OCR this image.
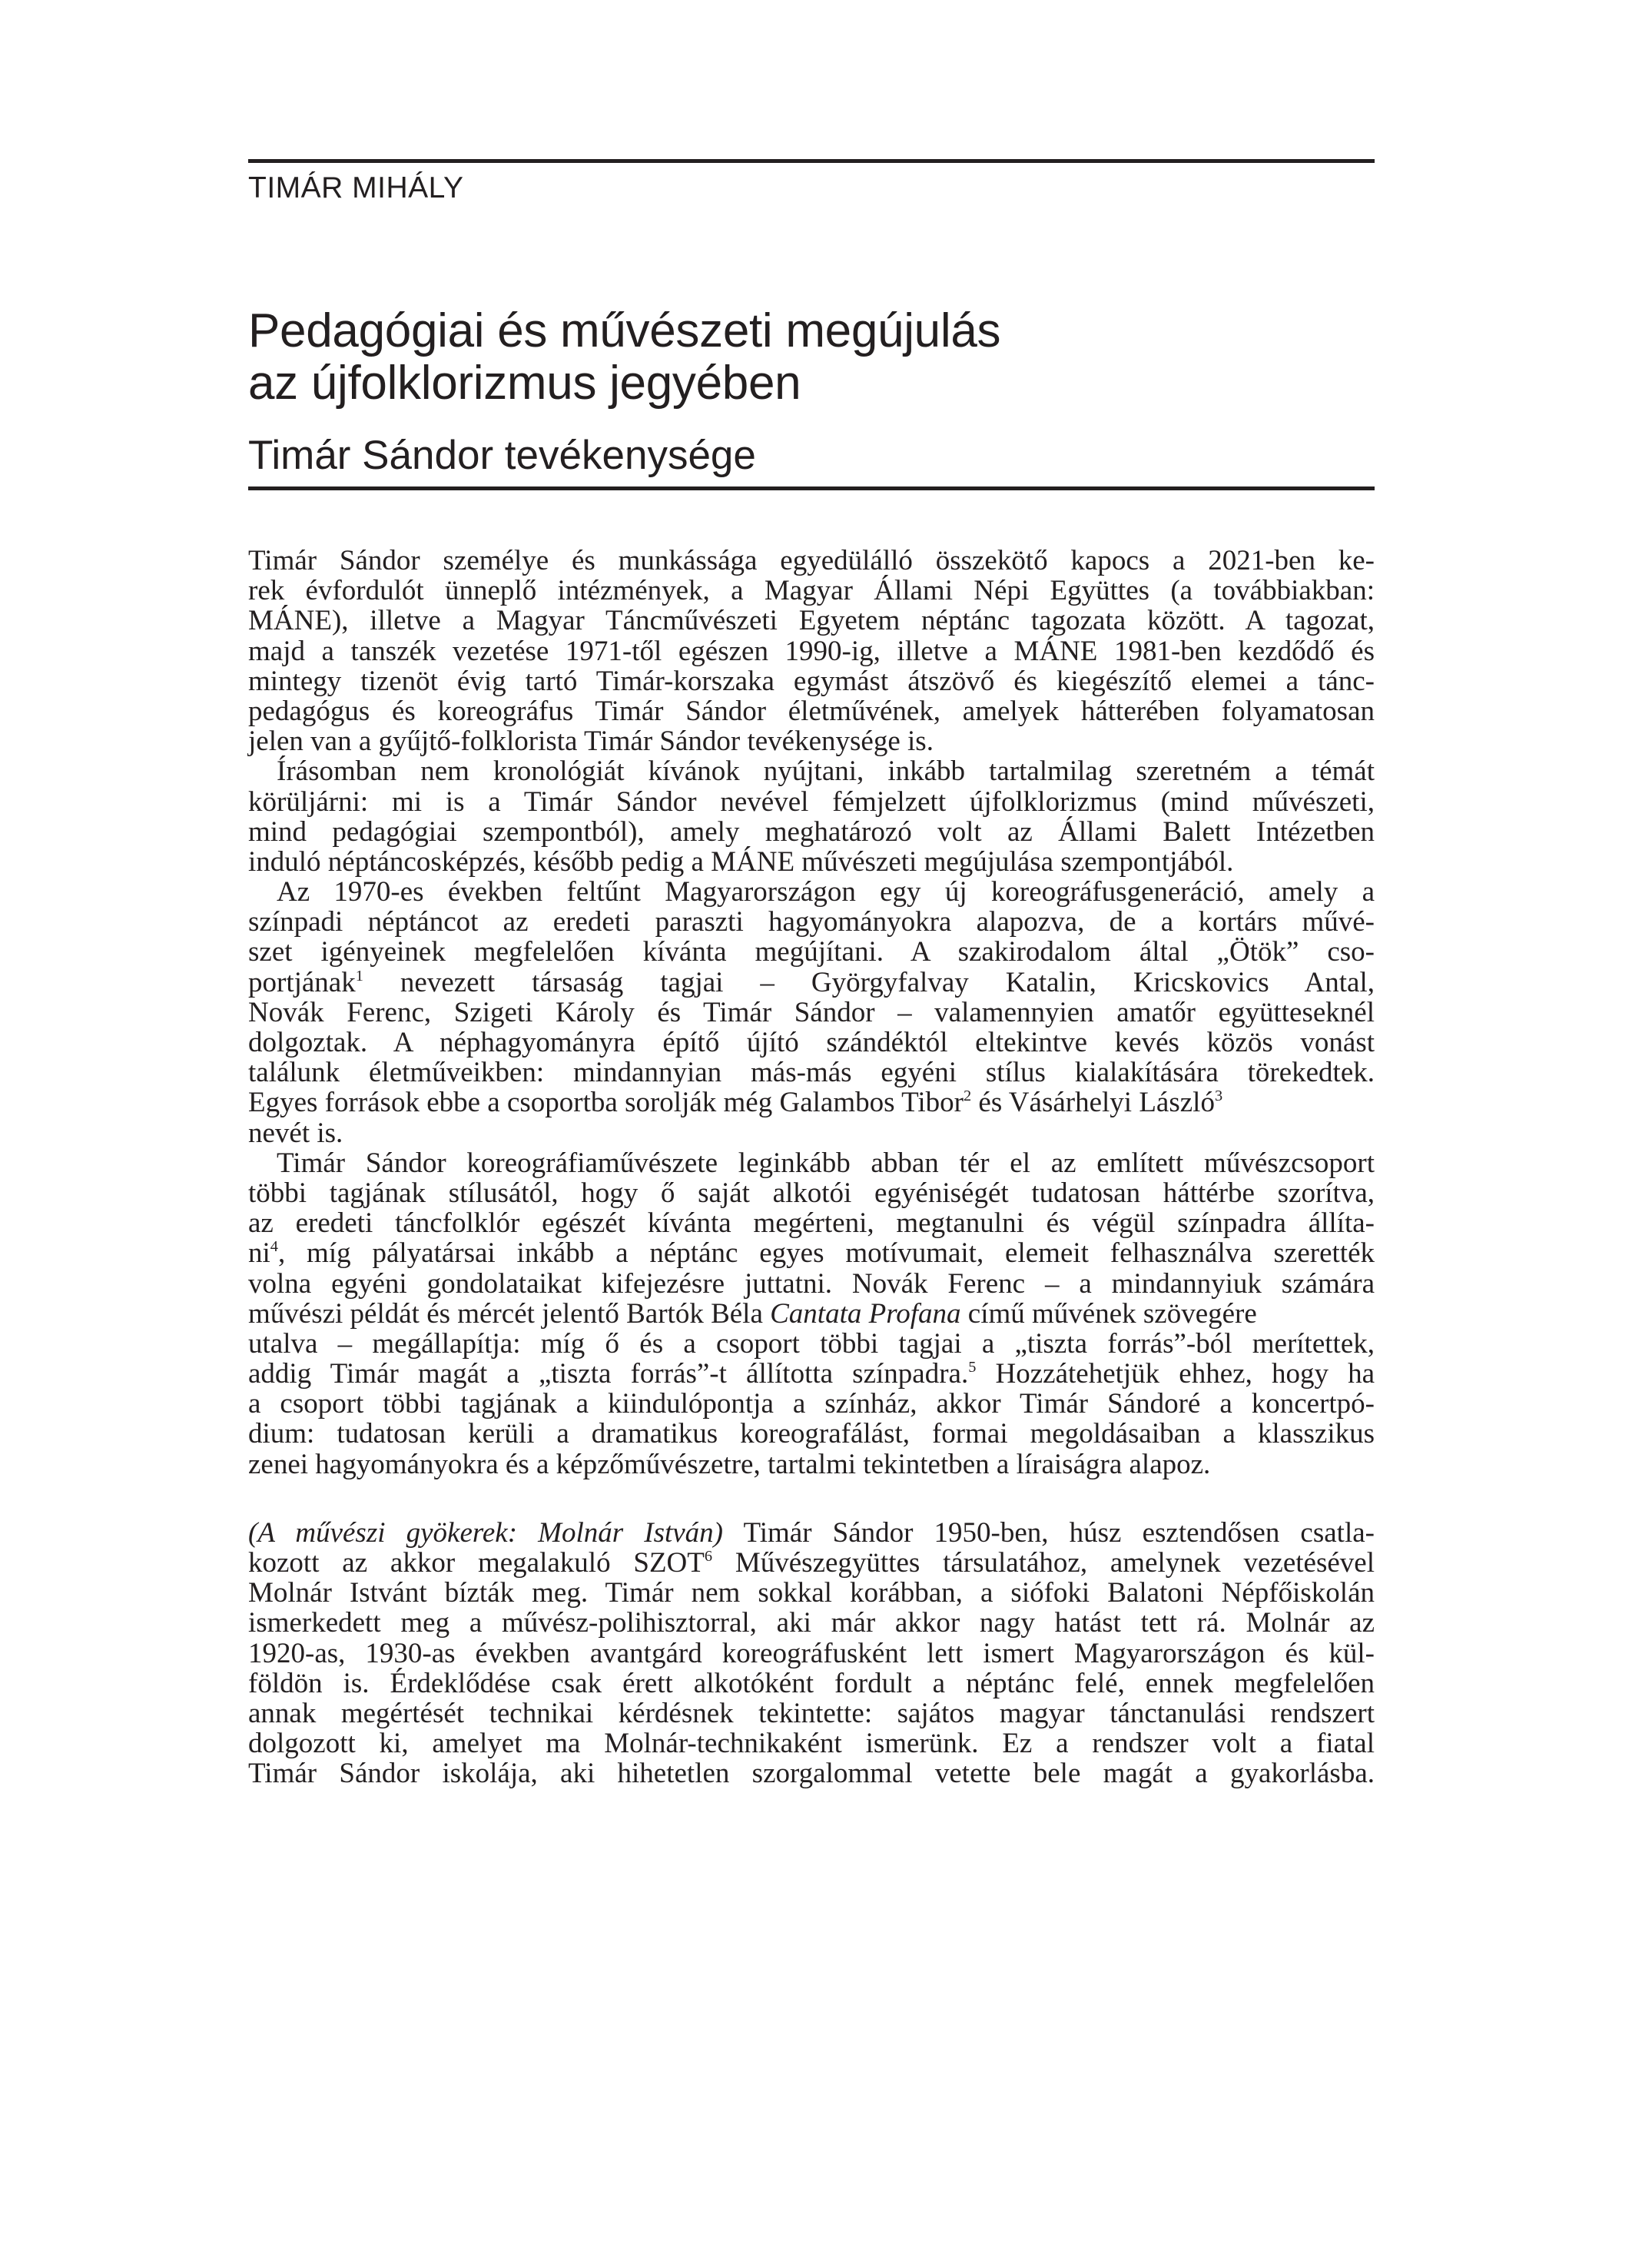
TIMÁR MIHÁLY
Pedagógiai és művészeti megújulás
az újfolklorizmus jegyében
Timár Sándor tevékenysége
Timár Sándor személye és munkássága egyedülálló összekötő kapocs a 2021-ben ke-
rek évfordulót ünneplő intézmények, a Magyar Állami Népi Együttes (a továbbiakban:
MÁNE), illetve a Magyar Táncművészeti Egyetem néptánc tagozata között. A tagozat,
majd a tanszék vezetése 1971-től egészen 1990-ig, illetve a MÁNE 1981-ben kezdődő és
mintegy tizenöt évig tartó Timár-korszaka egymást átszövő és kiegészítő elemei a tánc-
pedagógus és koreográfus Timár Sándor életművének, amelyek hátterében folyamatosan
jelen van a gyűjtő-folklorista Timár Sándor tevékenysége is.
Írásomban nem kronológiát kívánok nyújtani, inkább tartalmilag szeretném a témát
körüljárni: mi is a Timár Sándor nevével fémjelzett újfolklorizmus (mind művészeti,
mind pedagógiai szempontból), amely meghatározó volt az Állami Balett Intézetben
induló néptáncosképzés, később pedig a MÁNE művészeti megújulása szempontjából.
Az 1970-es években feltűnt Magyarországon egy új koreográfusgeneráció, amely a
színpadi néptáncot az eredeti paraszti hagyományokra alapozva, de a kortárs művé-
szet igényeinek megfelelően kívánta megújítani. A szakirodalom által „Ötök” cso-
portjának$^1$ nevezett társaság tagjai – Györgyfalvay Katalin, Kricskovics Antal,
Novák Ferenc, Szigeti Károly és Timár Sándor – valamennyien amatőr együtteseknél
dolgoztak. A néphagyományra építő újító szándéktól eltekintve kevés közös vonást
találunk életműveikben: mindannyian más-más egyéni stílus kialakítására törekedtek.
Egyes források ebbe a csoportba sorolják még Galambos Tibor$^2$ és Vásárhelyi László$^3$
nevét is.
Timár Sándor koreográfiaművészete leginkább abban tér el az említett művészcsoport
többi tagjának stílusától, hogy ő saját alkotói egyéniségét tudatosan háttérbe szorítva,
az eredeti táncfolklór egészét kívánta megérteni, megtanulni és végül színpadra állíta-
$ni^4$, míg pályatársai inkább a néptánc egyes motívumait, elemeit felhasználva szerették
volna egyéni gondolataikat kifejezésre juttatni. Novák Ferenc – a mindannyiuk számára
művészi példát és mércét jelentő Bartók Béla Cantata Profana című művének szövegére
utalva – megállapítja: míg ő és a csoport többi tagjai a „tiszta forrás”-ból merítettek,
addig Timár magát a „tiszta forrás”-t állította színpadra.$^5$ Hozzátehetjük ehhez, hogy ha
a csoport többi tagjának a kiindulópontja a színház, akkor Timár Sándoré a koncertpó-
dium: tudatosan kerüli a dramatikus koreografálást, formai megoldásaiban a klasszikus
zenei hagyományokra és a képzőművészetre, tartalmi tekintetben a líraiságra alapoz.
(A művészi gyökerek: Molnár István) Timár Sándor 1950-ben, húsz esztendősen csatla-
kozott az akkor megalakuló SZOT$^6$ Művészegyüttes társulatához, amelynek vezetésével
Molnár Istvánt bízták meg. Timár nem sokkal korábban, a siófoki Balatoni Népfőiskolán
ismerkedett meg a művész-polihisztorral, aki már akkor nagy hatást tett rá. Molnár az
1920-as, 1930-as években avantgárd koreográfusként lett ismert Magyarországon és kül-
földön is. Érdeklődése csak érett alkotóként fordult a néptánc felé, ennek megfelelően
annak megértését technikai kérdésnek tekintette: sajátos magyar tánctanulási rendszert
dolgozott ki, amelyet ma Molnár-technikaként ismerünk. Ez a rendszer volt a fiatal
Timár Sándor iskolája, aki hihetetlen szorgalommal vetette bele magát a gyakorlásba.
